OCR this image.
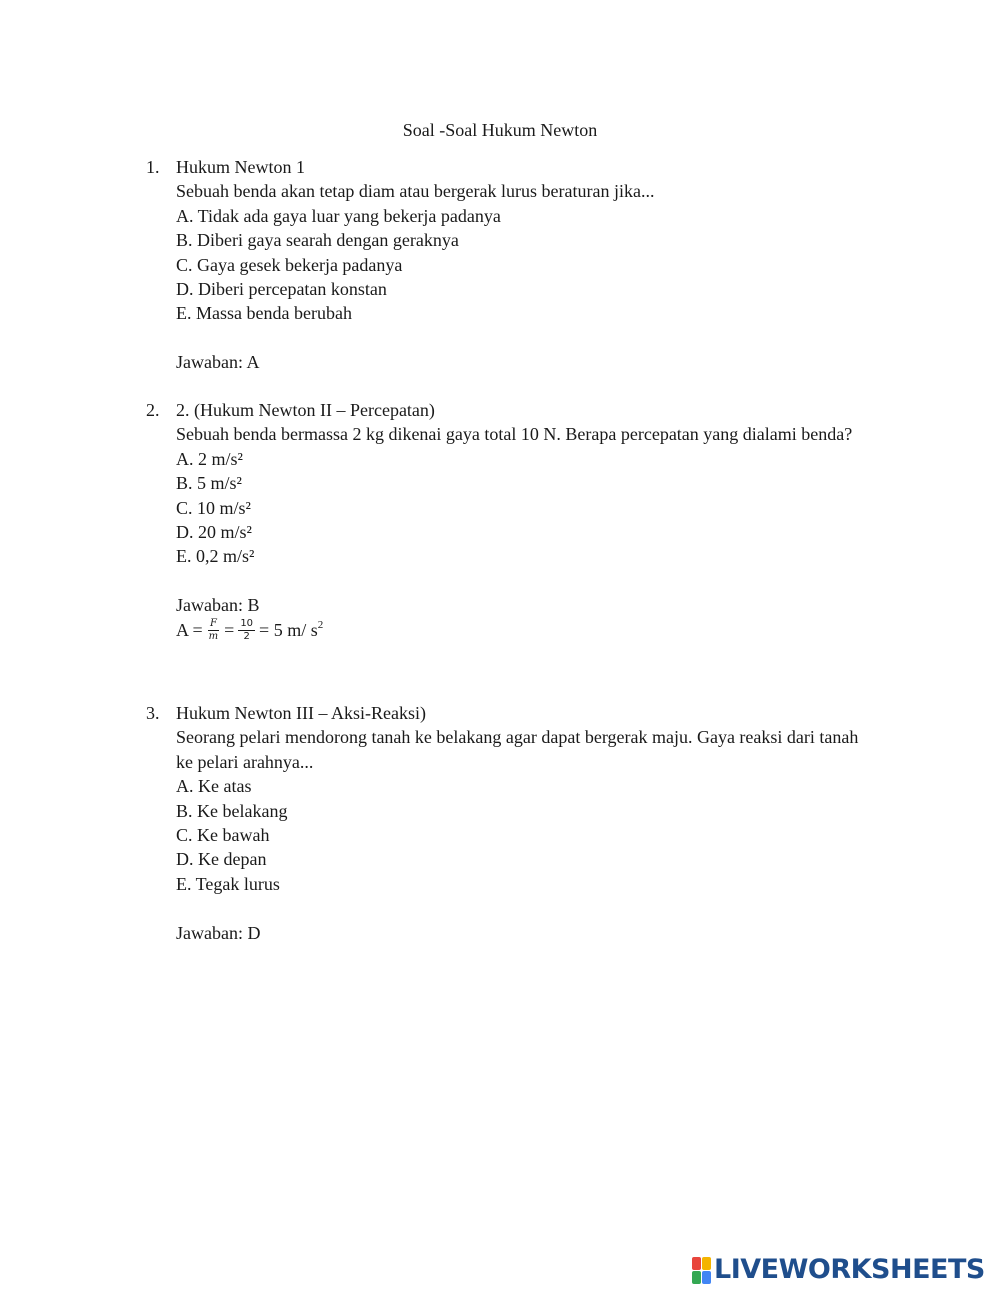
Soal -Soal Hukum Newton
1. Hukum Newton 1
Sebuah benda akan tetap diam atau bergerak lurus beraturan jika...
A. Tidak ada gaya luar yang bekerja padanya
B. Diberi gaya searah dengan geraknya
C. Gaya gesek bekerja padanya
D. Diberi percepatan konstan
E. Massa benda berubah
Jawaban: A
2. 2. (Hukum Newton II – Percepatan)
Sebuah benda bermassa 2 kg dikenai gaya total 10 N. Berapa percepatan yang dialami benda?
A. 2 m/s²
B. 5 m/s²
C. 10 m/s²
D. 20 m/s²
E. 0,2 m/s²
Jawaban: B
$A = \frac{F}{m} = \frac{10}{2} = 5$ m/ $s^2$
3. Hukum Newton III – Aksi-Reaksi)
Seorang pelari mendorong tanah ke belakang agar dapat bergerak maju. Gaya reaksi dari tanah ke pelari arahnya...
A. Ke atas
B. Ke belakang
C. Ke bawah
D. Ke depan
E. Tegak lurus
Jawaban: D
LIVEWORKSHEETS
